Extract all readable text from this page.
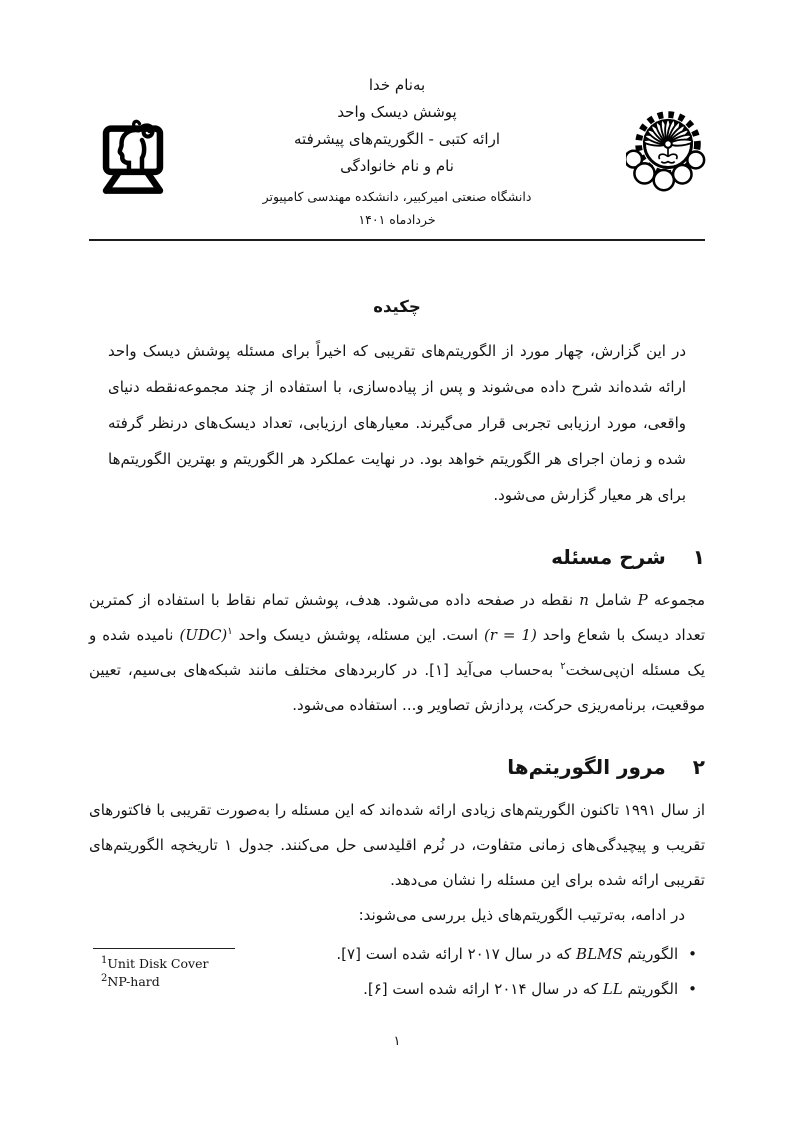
به‌نام خدا
پوشش دیسک واحد
ارائه کتبی - الگوریتم‌های پیشرفته
نام و نام خانوادگی
دانشگاه صنعتی امیرکبیر، دانشکده مهندسی کامپیوتر
خردادماه ۱۴۰۱
چکیده

در این گزارش، چهار مورد از الگوریتم‌های تقریبی که اخیراً برای مسئله پوشش دیسک واحد ارائه شده‌اند شرح داده می‌شوند و پس از پیاده‌سازی، با استفاده از چند مجموعه‌نقطه دنیای واقعی، مورد ارزیابی تجربی قرار می‌گیرند. معیارهای ارزیابی، تعداد دیسک‌های درنظر گرفته شده و زمان اجرای هر الگوریتم خواهد بود. در نهایت عملکرد هر الگوریتم و بهترین الگوریتم‌ها برای هر معیار گزارش می‌شود.

۱
شرح مسئله

مجموعه P شامل n نقطه در صفحه داده می‌شود. هدف، پوشش تمام نقاط با استفاده از کمترین تعداد دیسک با شعاع واحد (r = 1) است. این مسئله، پوشش دیسک واحد (UDC)$^۱$ نامیده شده و یک مسئله ان‌پی‌سخت$^۲$ به‌حساب می‌آید [۱]. در کاربردهای مختلف مانند شبکه‌های بی‌سیم، تعیین موقعیت، برنامه‌ریزی حرکت، پردازش تصاویر و... استفاده می‌شود.

۲
مرور الگوریتم‌ها

از سال ۱۹۹۱ تاکنون الگوریتم‌های زیادی ارائه شده‌اند که این مسئله را به‌صورت تقریبی با فاکتورهای تقریب و پیچیدگی‌های زمانی متفاوت، در نُرم اقلیدسی حل می‌کنند. جدول ۱ تاریخچه الگوریتم‌های تقریبی ارائه شده برای این مسئله را نشان می‌دهد.

در ادامه، به‌ترتیب الگوریتم‌های ذیل بررسی می‌شوند:

•
الگوریتم BLMS که در سال ۲۰۱۷ ارائه شده است [۷].
•
الگوریتم LL که در سال ۲۰۱۴ ارائه شده است [۶].
$^1$Unit Disk Cover
$^2$NP-hard
۱
